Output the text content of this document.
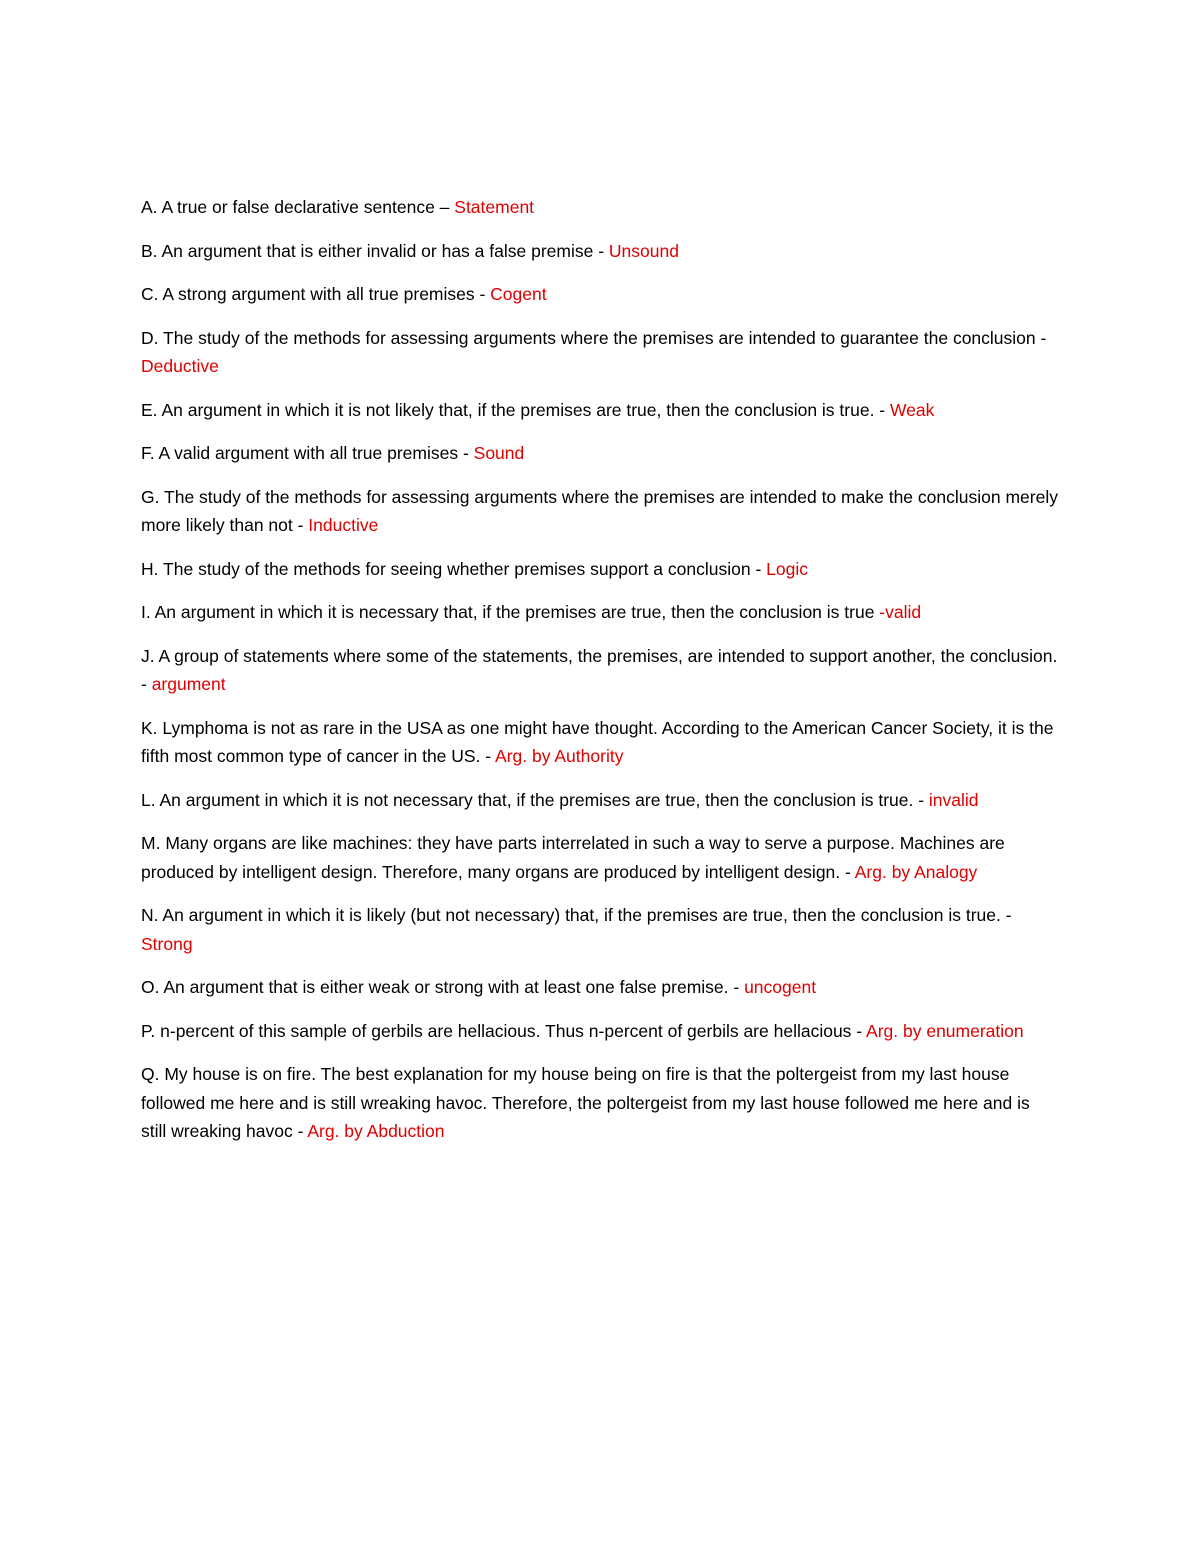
A. A true or false declarative sentence – Statement

B. An argument that is either invalid or has a false premise - Unsound

C. A strong argument with all true premises - Cogent

D. The study of the methods for assessing arguments where the premises are intended to guarantee the conclusion - Deductive

E. An argument in which it is not likely that, if the premises are true, then the conclusion is true. - Weak

F. A valid argument with all true premises - Sound

G. The study of the methods for assessing arguments where the premises are intended to make the conclusion merely more likely than not - Inductive

H. The study of the methods for seeing whether premises support a conclusion - Logic

I. An argument in which it is necessary that, if the premises are true, then the conclusion is true -valid

J. A group of statements where some of the statements, the premises, are intended to support another, the conclusion. - argument

K. Lymphoma is not as rare in the USA as one might have thought. According to the American Cancer Society, it is the fifth most common type of cancer in the US. - Arg. by Authority

L. An argument in which it is not necessary that, if the premises are true, then the conclusion is true. - invalid

M. Many organs are like machines: they have parts interrelated in such a way to serve a purpose. Machines are produced by intelligent design. Therefore, many organs are produced by intelligent design. - Arg. by Analogy

N. An argument in which it is likely (but not necessary) that, if the premises are true, then the conclusion is true. - Strong

O. An argument that is either weak or strong with at least one false premise. - uncogent

P. n-percent of this sample of gerbils are hellacious. Thus n-percent of gerbils are hellacious - Arg. by enumeration

Q. My house is on fire. The best explanation for my house being on fire is that the poltergeist from my last house followed me here and is still wreaking havoc. Therefore, the poltergeist from my last house followed me here and is still wreaking havoc - Arg. by Abduction
